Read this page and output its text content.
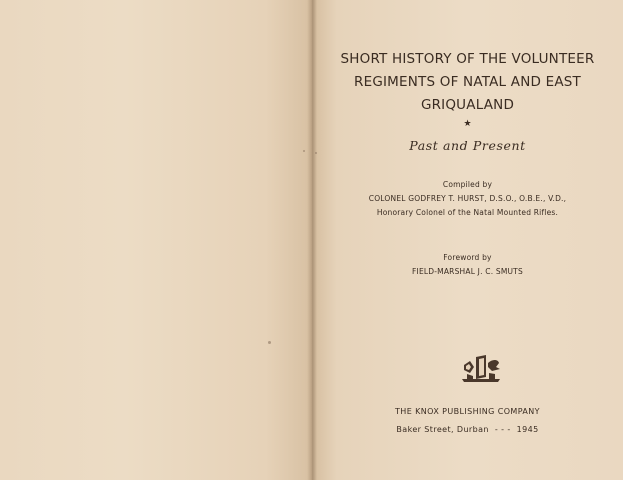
SHORT HISTORY OF THE VOLUNTEER
REGIMENTS OF NATAL AND EAST
GRIQUALAND
★
Past and Present
Compiled by
COLONEL GODFREY T. HURST, D.S.O., O.B.E., V.D.,
Honorary Colonel of the Natal Mounted Rifles.
Foreword by
FIELD-MARSHAL J. C. SMUTS
THE KNOX PUBLISHING COMPANY
Baker Street, Durban - - - 1945
